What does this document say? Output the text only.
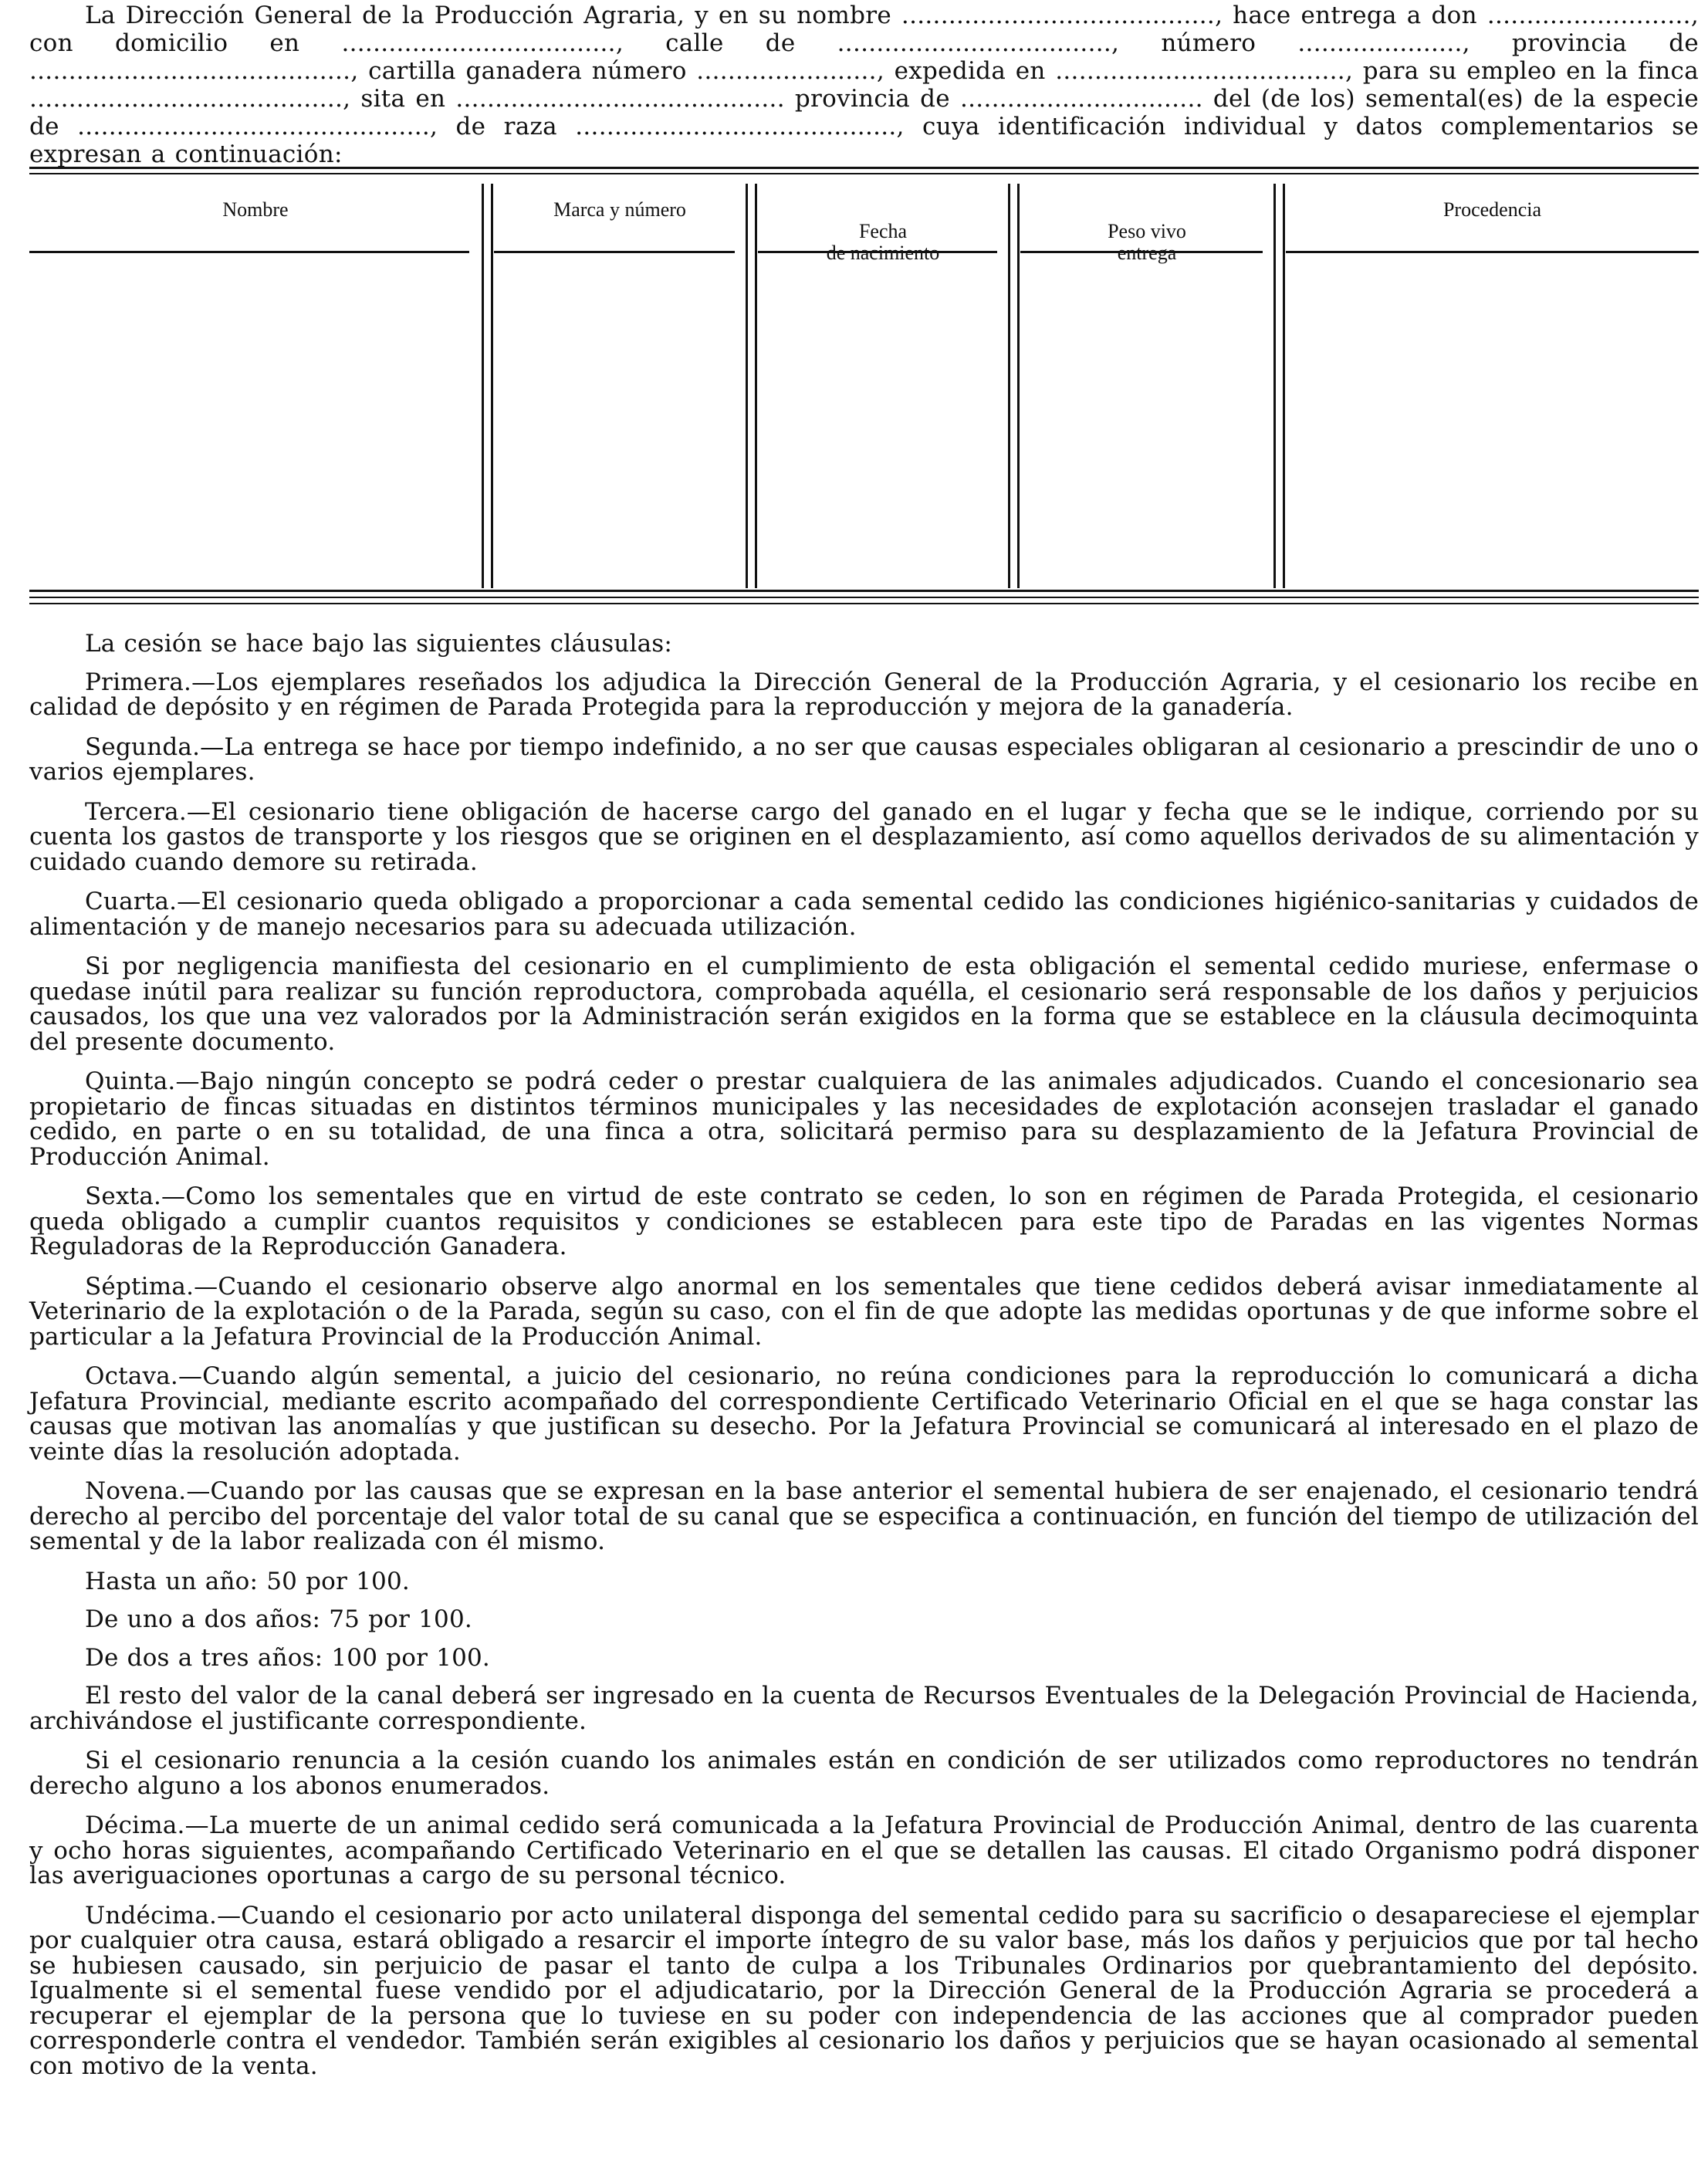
La Dirección General de la Producción Agraria, y en su nombre ........................................, hace entrega a don .........................., con domicilio en ..................................., calle de ..................................., número ....................., provincia de ........................................., cartilla ganadera número ......................., expedida en ....................................., para su empleo en la finca ........................................, sita en .......................................... provincia de ............................... del (de los) semental(es) de la especie de ............................................., de raza ........................................., cuya identificación individual y datos complementarios se expresan a continuación:

Nombre	Marca y número

Fecha
de nacimiento

Peso vivo
entrega

Procedencia

La cesión se hace bajo las siguientes cláusulas:

Primera.—Los ejemplares reseñados los adjudica la Dirección General de la Producción Agraria, y el cesionario los recibe en calidad de depósito y en régimen de Parada Protegida para la reproducción y mejora de la ganadería.

Segunda.—La entrega se hace por tiempo indefinido, a no ser que causas especiales obligaran al cesionario a prescindir de uno o varios ejemplares.

Tercera.—El cesionario tiene obligación de hacerse cargo del ganado en el lugar y fecha que se le indique, corriendo por su cuenta los gastos de transporte y los riesgos que se originen en el desplazamiento, así como aquellos derivados de su alimentación y cuidado cuando demore su retirada.

Cuarta.—El cesionario queda obligado a proporcionar a cada semental cedido las condiciones higiénico-sanitarias y cuidados de alimentación y de manejo necesarios para su adecuada utilización.

Si por negligencia manifiesta del cesionario en el cumplimiento de esta obligación el semental cedido muriese, enfermase o quedase inútil para realizar su función reproductora, comprobada aquélla, el cesionario será responsable de los daños y perjuicios causados, los que una vez valorados por la Administración serán exigidos en la forma que se establece en la cláusula decimoquinta del presente documento.

Quinta.—Bajo ningún concepto se podrá ceder o prestar cualquiera de las animales adjudicados. Cuando el concesionario sea propietario de fincas situadas en distintos términos municipales y las necesidades de explotación aconsejen trasladar el ganado cedido, en parte o en su totalidad, de una finca a otra, solicitará permiso para su desplazamiento de la Jefatura Provincial de Producción Animal.

Sexta.—Como los sementales que en virtud de este contrato se ceden, lo son en régimen de Parada Protegida, el cesionario queda obligado a cumplir cuantos requisitos y condiciones se establecen para este tipo de Paradas en las vigentes Normas Reguladoras de la Reproducción Ganadera.

Séptima.—Cuando el cesionario observe algo anormal en los sementales que tiene cedidos deberá avisar inmediatamente al Veterinario de la explotación o de la Parada, según su caso, con el fin de que adopte las medidas oportunas y de que informe sobre el particular a la Jefatura Provincial de la Producción Animal.

Octava.—Cuando algún semental, a juicio del cesionario, no reúna condiciones para la reproducción lo comunicará a dicha Jefatura Provincial, mediante escrito acompañado del correspondiente Certificado Veterinario Oficial en el que se haga constar las causas que motivan las anomalías y que justifican su desecho. Por la Jefatura Provincial se comunicará al interesado en el plazo de veinte días la resolución adoptada.

Novena.—Cuando por las causas que se expresan en la base anterior el semental hubiera de ser enajenado, el cesionario tendrá derecho al percibo del porcentaje del valor total de su canal que se especifica a continuación, en función del tiempo de utilización del semental y de la labor realizada con él mismo.

Hasta un año: 50 por 100.

De uno a dos años: 75 por 100.

De dos a tres años: 100 por 100.

El resto del valor de la canal deberá ser ingresado en la cuenta de Recursos Eventuales de la Delegación Provincial de Hacienda, archivándose el justificante correspondiente.

Si el cesionario renuncia a la cesión cuando los animales están en condición de ser utilizados como reproductores no tendrán derecho alguno a los abonos enumerados.

Décima.—La muerte de un animal cedido será comunicada a la Jefatura Provincial de Producción Animal, dentro de las cuarenta y ocho horas siguientes, acompañando Certificado Veterinario en el que se detallen las causas. El citado Organismo podrá disponer las averiguaciones oportunas a cargo de su personal técnico.

Undécima.—Cuando el cesionario por acto unilateral disponga del semental cedido para su sacrificio o desapareciese el ejemplar por cualquier otra causa, estará obligado a resarcir el importe íntegro de su valor base, más los daños y perjuicios que por tal hecho se hubiesen causado, sin perjuicio de pasar el tanto de culpa a los Tribunales Ordinarios por quebrantamiento del depósito. Igualmente si el semental fuese vendido por el adjudicatario, por la Dirección General de la Producción Agraria se procederá a recuperar el ejemplar de la persona que lo tuviese en su poder con independencia de las acciones que al comprador pueden corresponderle contra el vendedor. También serán exigibles al cesionario los daños y perjuicios que se hayan ocasionado al semental con motivo de la venta.
